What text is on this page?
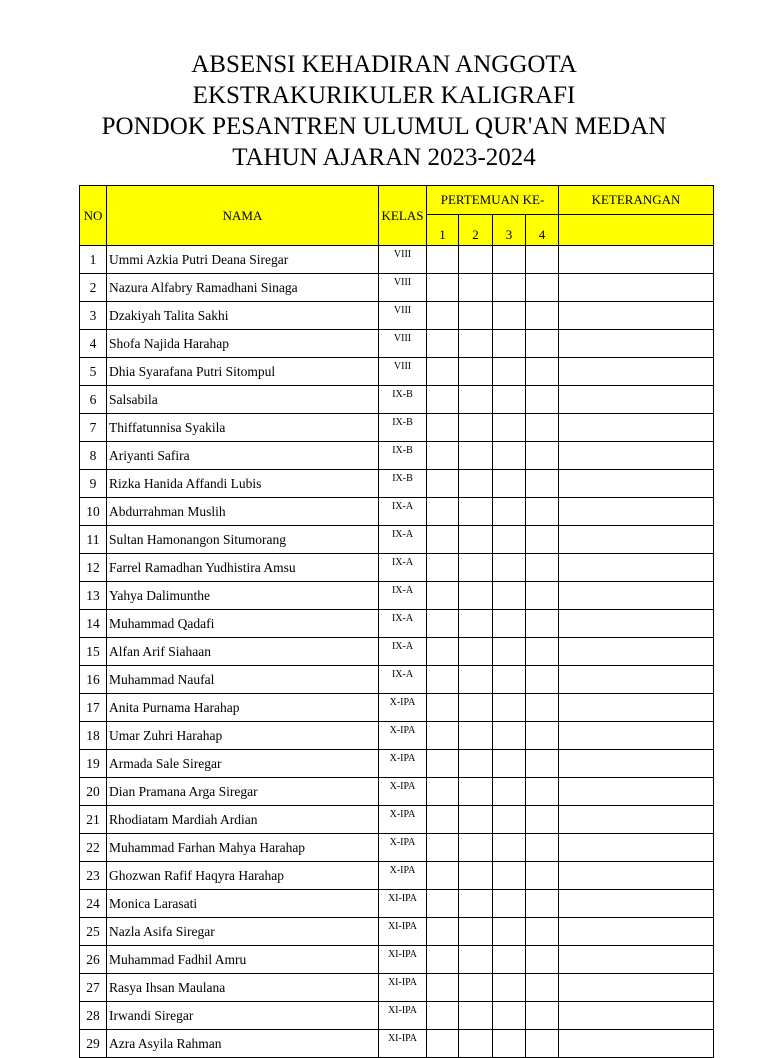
ABSENSI KEHADIRAN ANGGOTA
EKSTRAKURIKULER KALIGRAFI
PONDOK PESANTREN ULUMUL QUR'AN MEDAN
TAHUN AJARAN 2023-2024
NO	NAMA	KELAS	PERTEMUAN KE-				KETERANGAN
			1	2	3	4	
1	Ummi Azkia Putri Deana Siregar	VIII					
2	Nazura Alfabry Ramadhani Sinaga	VIII					
3	Dzakiyah Talita Sakhi	VIII					
4	Shofa Najida Harahap	VIII					
5	Dhia Syarafana Putri Sitompul	VIII					
6	Salsabila	IX-B					
7	Thiffatunnisa Syakila	IX-B					
8	Ariyanti Safira	IX-B					
9	Rizka Hanida Affandi Lubis	IX-B					
10	Abdurrahman Muslih	IX-A					
11	Sultan Hamonangon Situmorang	IX-A					
12	Farrel Ramadhan Yudhistira Amsu	IX-A					
13	Yahya Dalimunthe	IX-A					
14	Muhammad Qadafi	IX-A					
15	Alfan Arif Siahaan	IX-A					
16	Muhammad Naufal	IX-A					
17	Anita Purnama Harahap	X-IPA					
18	Umar Zuhri Harahap	X-IPA					
19	Armada Sale Siregar	X-IPA					
20	Dian Pramana Arga Siregar	X-IPA					
21	Rhodiatam Mardiah Ardian	X-IPA					
22	Muhammad Farhan Mahya Harahap	X-IPA					
23	Ghozwan Rafif Haqyra Harahap	X-IPA					
24	Monica Larasati	XI-IPA					
25	Nazla Asifa Siregar	XI-IPA					
26	Muhammad Fadhil Amru	XI-IPA					
27	Rasya Ihsan Maulana	XI-IPA					
28	Irwandi Siregar	XI-IPA					
29	Azra Asyila Rahman	XI-IPA					
